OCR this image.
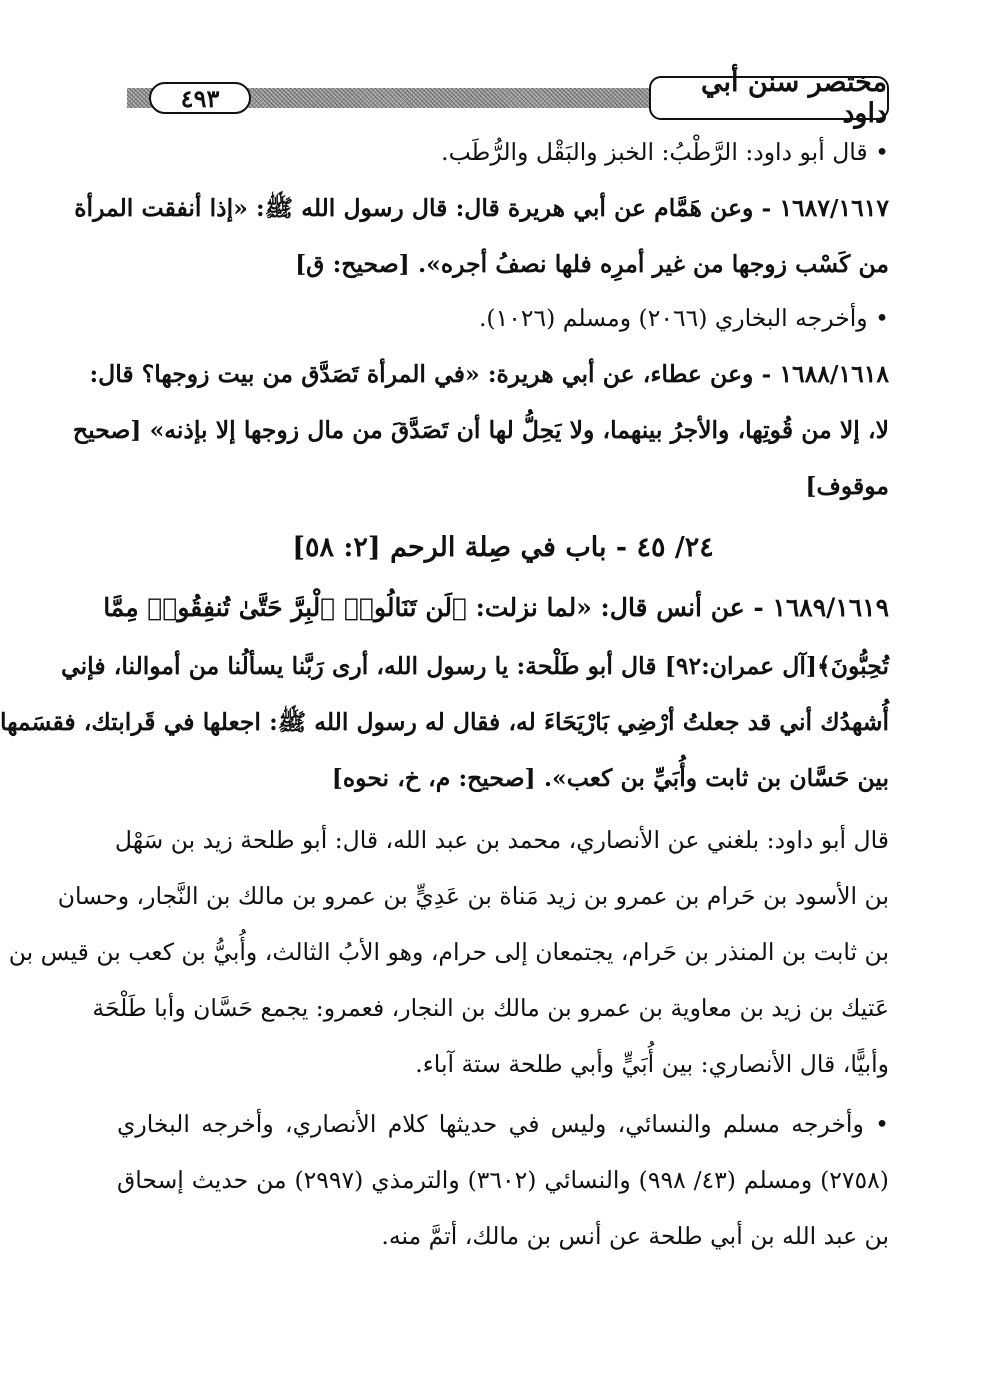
مختصر سنن أبي داود
٤٩٣
• قال أبو داود: الرَّطْبُ: الخبز والبَقْل والرُّطَب.
١٦٨٧/١٦١٧ - وعن هَمَّام عن أبي هريرة قال: قال رسول الله ﷺ: «إذا أنفقت المرأة
من كَسْب زوجها من غير أمرِه فلها نصفُ أجره». [صحيح: ق]
• وأخرجه البخاري (٢٠٦٦) ومسلم (١٠٢٦).
١٦٨٨/١٦١٨ - وعن عطاء، عن أبي هريرة: «في المرأة تَصَدَّق من بيت زوجها؟ قال:
لا، إلا من قُوتِها، والأجرُ بينهما، ولا يَحِلُّ لها أن تَصَدَّقَ من مال زوجها إلا بإذنه» [صحيح
موقوف]
٢٤/ ٤٥ - باب في صِلة الرحم [٢: ٥٨]
١٦٨٩/١٦١٩ - عن أنس قال: «لما نزلت: ﴿لَن تَنَالُوا۟ ٱلْبِرَّ حَتَّىٰ تُنفِقُوا۟ مِمَّا
تُحِبُّونَ﴾[آل عمران:٩٢] قال أبو طَلْحة: يا رسول الله، أرى رَبَّنا يسألُنا من أموالنا، فإني
أُشهدُك أني قد جعلتُ أرْضِي بَارْيَحَاءَ له، فقال له رسول الله ﷺ: اجعلها في قَرابتك، فقسَمها
بين حَسَّان بن ثابت وأُبَيِّ بن كعب». [صحيح: م، خ، نحوه]
قال أبو داود: بلغني عن الأنصاري، محمد بن عبد الله، قال: أبو طلحة زيد بن سَهْل
بن الأسود بن حَرام بن عمرو بن زيد مَناة بن عَدِيٍّ بن عمرو بن مالك بن النَّجار، وحسان
بن ثابت بن المنذر بن حَرام، يجتمعان إلى حرام، وهو الأبُ الثالث، وأُبيُّ بن كعب بن قيس بن
عَتيك بن زيد بن معاوية بن عمرو بن مالك بن النجار، فعمرو: يجمع حَسَّان وأبا طَلْحَة
وأبيًّا، قال الأنصاري: بين أُبَيٍّ وأبي طلحة ستة آباء.
• وأخرجه مسلم والنسائي، وليس في حديثها كلام الأنصاري، وأخرجه البخاري
(٢٧٥٨) ومسلم (٤٣/ ٩٩٨) والنسائي (٣٦٠٢) والترمذي (٢٩٩٧) من حديث إسحاق
بن عبد الله بن أبي طلحة عن أنس بن مالك، أتمَّ منه.
